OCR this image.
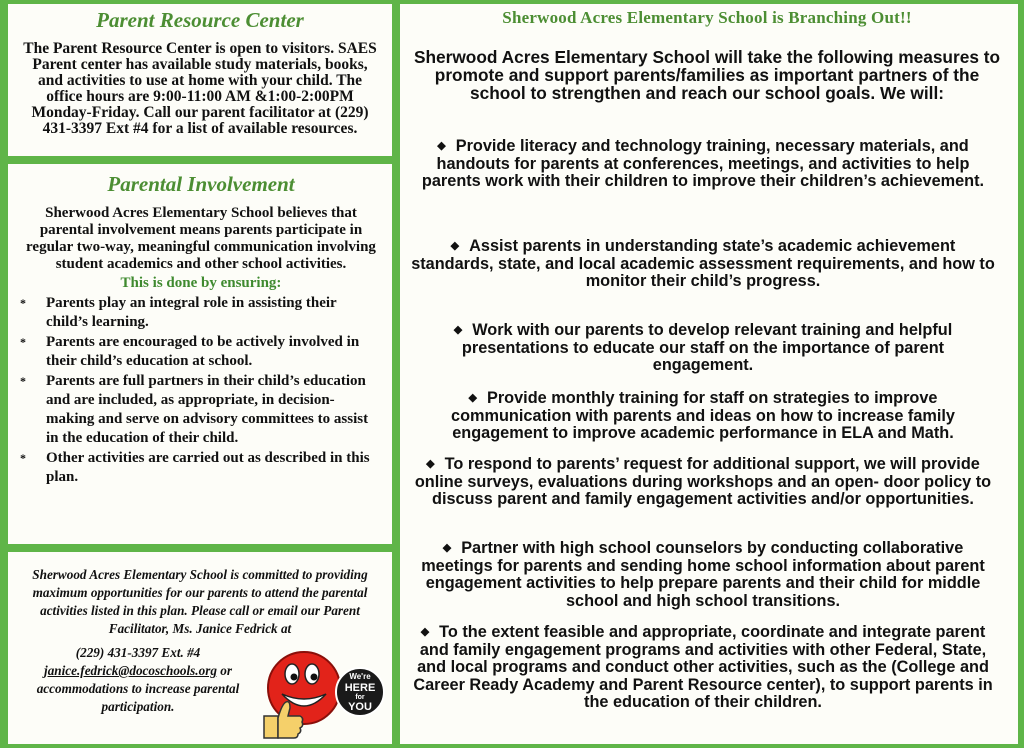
Parent Resource Center

The Parent Resource Center is open to visitors. SAES Parent center has available study materials, books, and activities to use at home with your child. The office hours are 9:00-11:00 AM &1:00-2:00PM Monday-Friday. Call our parent facilitator at (229) 431-3397 Ext #4 for a list of available resources.

Parental Involvement

Sherwood Acres Elementary School believes that parental involvement means parents participate in regular two-way, meaningful communication involving student academics and other school activities.

This is done by ensuring:

* Parents play an integral role in assisting their child’s learning.
* Parents are encouraged to be actively involved in their child’s education at school.
* Parents are full partners in their child’s education and are included, as appropriate, in decision-making and serve on advisory committees to assist in the education of their child.
* Other activities are carried out as described in this plan.

Sherwood Acres Elementary School is committed to providing maximum opportunities for our parents to attend the parental activities listed in this plan. Please call or email our Parent Facilitator, Ms. Janice Fedrick at

(229) 431-3397 Ext. #4

janice.fedrick@docoschools.org or

accommodations to increase parental participation.

We're
HERE
for
YOU
Sherwood Acres Elementary School is Branching Out!!

Sherwood Acres Elementary School will take the following measures to promote and support parents/families as important partners of the school to strengthen and reach our school goals. We will:

◆ Provide literacy and technology training, necessary materials, and handouts for parents at conferences, meetings, and activities to help parents work with their children to improve their children’s achievement.
◆ Assist parents in understanding state’s academic achievement standards, state, and local academic assessment requirements, and how to monitor their child’s progress.
◆ Work with our parents to develop relevant training and helpful presentations to educate our staff on the importance of parent engagement.
◆ Provide monthly training for staff on strategies to improve communication with parents and ideas on how to increase family engagement to improve academic performance in ELA and Math.
◆ To respond to parents’ request for additional support, we will provide online surveys, evaluations during workshops and an open- door policy to discuss parent and family engagement activities and/or opportunities.
◆ Partner with high school counselors by conducting collaborative meetings for parents and sending home school information about parent engagement activities to help prepare parents and their child for middle school and high school transitions.
◆ To the extent feasible and appropriate, coordinate and integrate parent and family engagement programs and activities with other Federal, State, and local programs and conduct other activities, such as the (College and Career Ready Academy and Parent Resource center), to support parents in the education of their children.
